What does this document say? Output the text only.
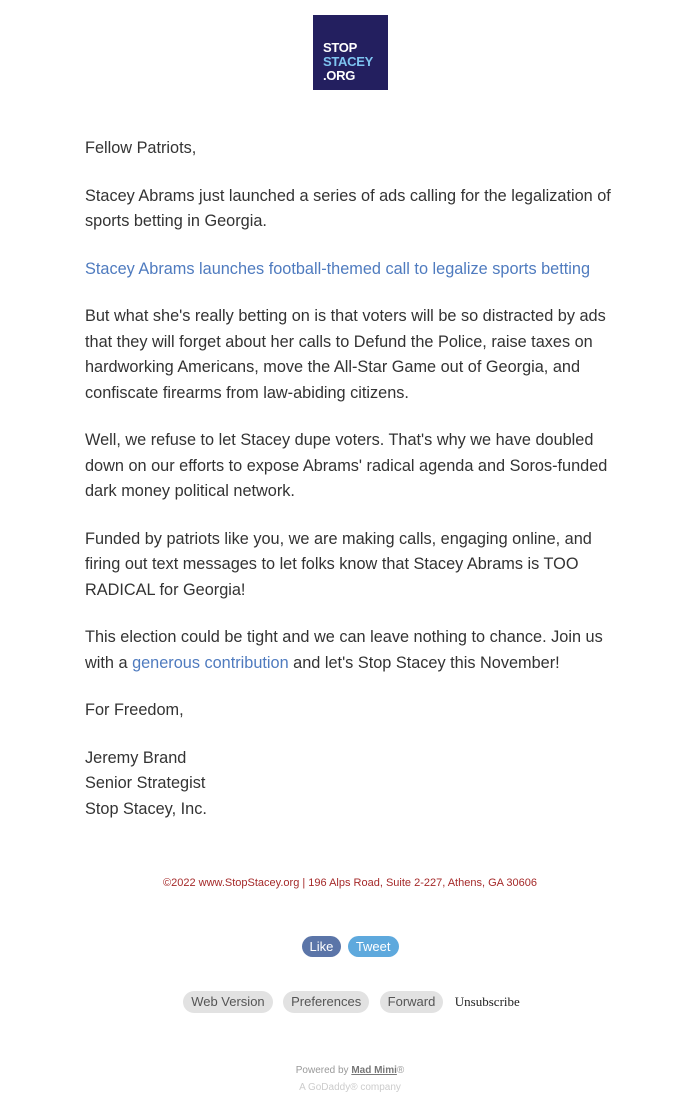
STOP
STACEY
.ORG

Fellow Patriots,

Stacey Abrams just launched a series of ads calling for the legalization of sports betting in Georgia.

Stacey Abrams launches football-themed call to legalize sports betting

But what she's really betting on is that voters will be so distracted by ads that they will forget about her calls to Defund the Police, raise taxes on hardworking Americans, move the All-Star Game out of Georgia, and confiscate firearms from law-abiding citizens.

Well, we refuse to let Stacey dupe voters. That's why we have doubled down on our efforts to expose Abrams' radical agenda and Soros-funded dark money political network.

Funded by patriots like you, we are making calls, engaging online, and firing out text messages to let folks know that Stacey Abrams is TOO RADICAL for Georgia!

This election could be tight and we can leave nothing to chance. Join us with a generous contribution and let's Stop Stacey this November!

For Freedom,

Jeremy Brand
Senior Strategist
Stop Stacey, Inc.
©2022 www.StopStacey.org | 196 Alps Road, Suite 2-227, Athens, GA 30606
Like Tweet
Web Version Preferences Forward Unsubscribe
Powered by Mad Mimi®
A GoDaddy® company
